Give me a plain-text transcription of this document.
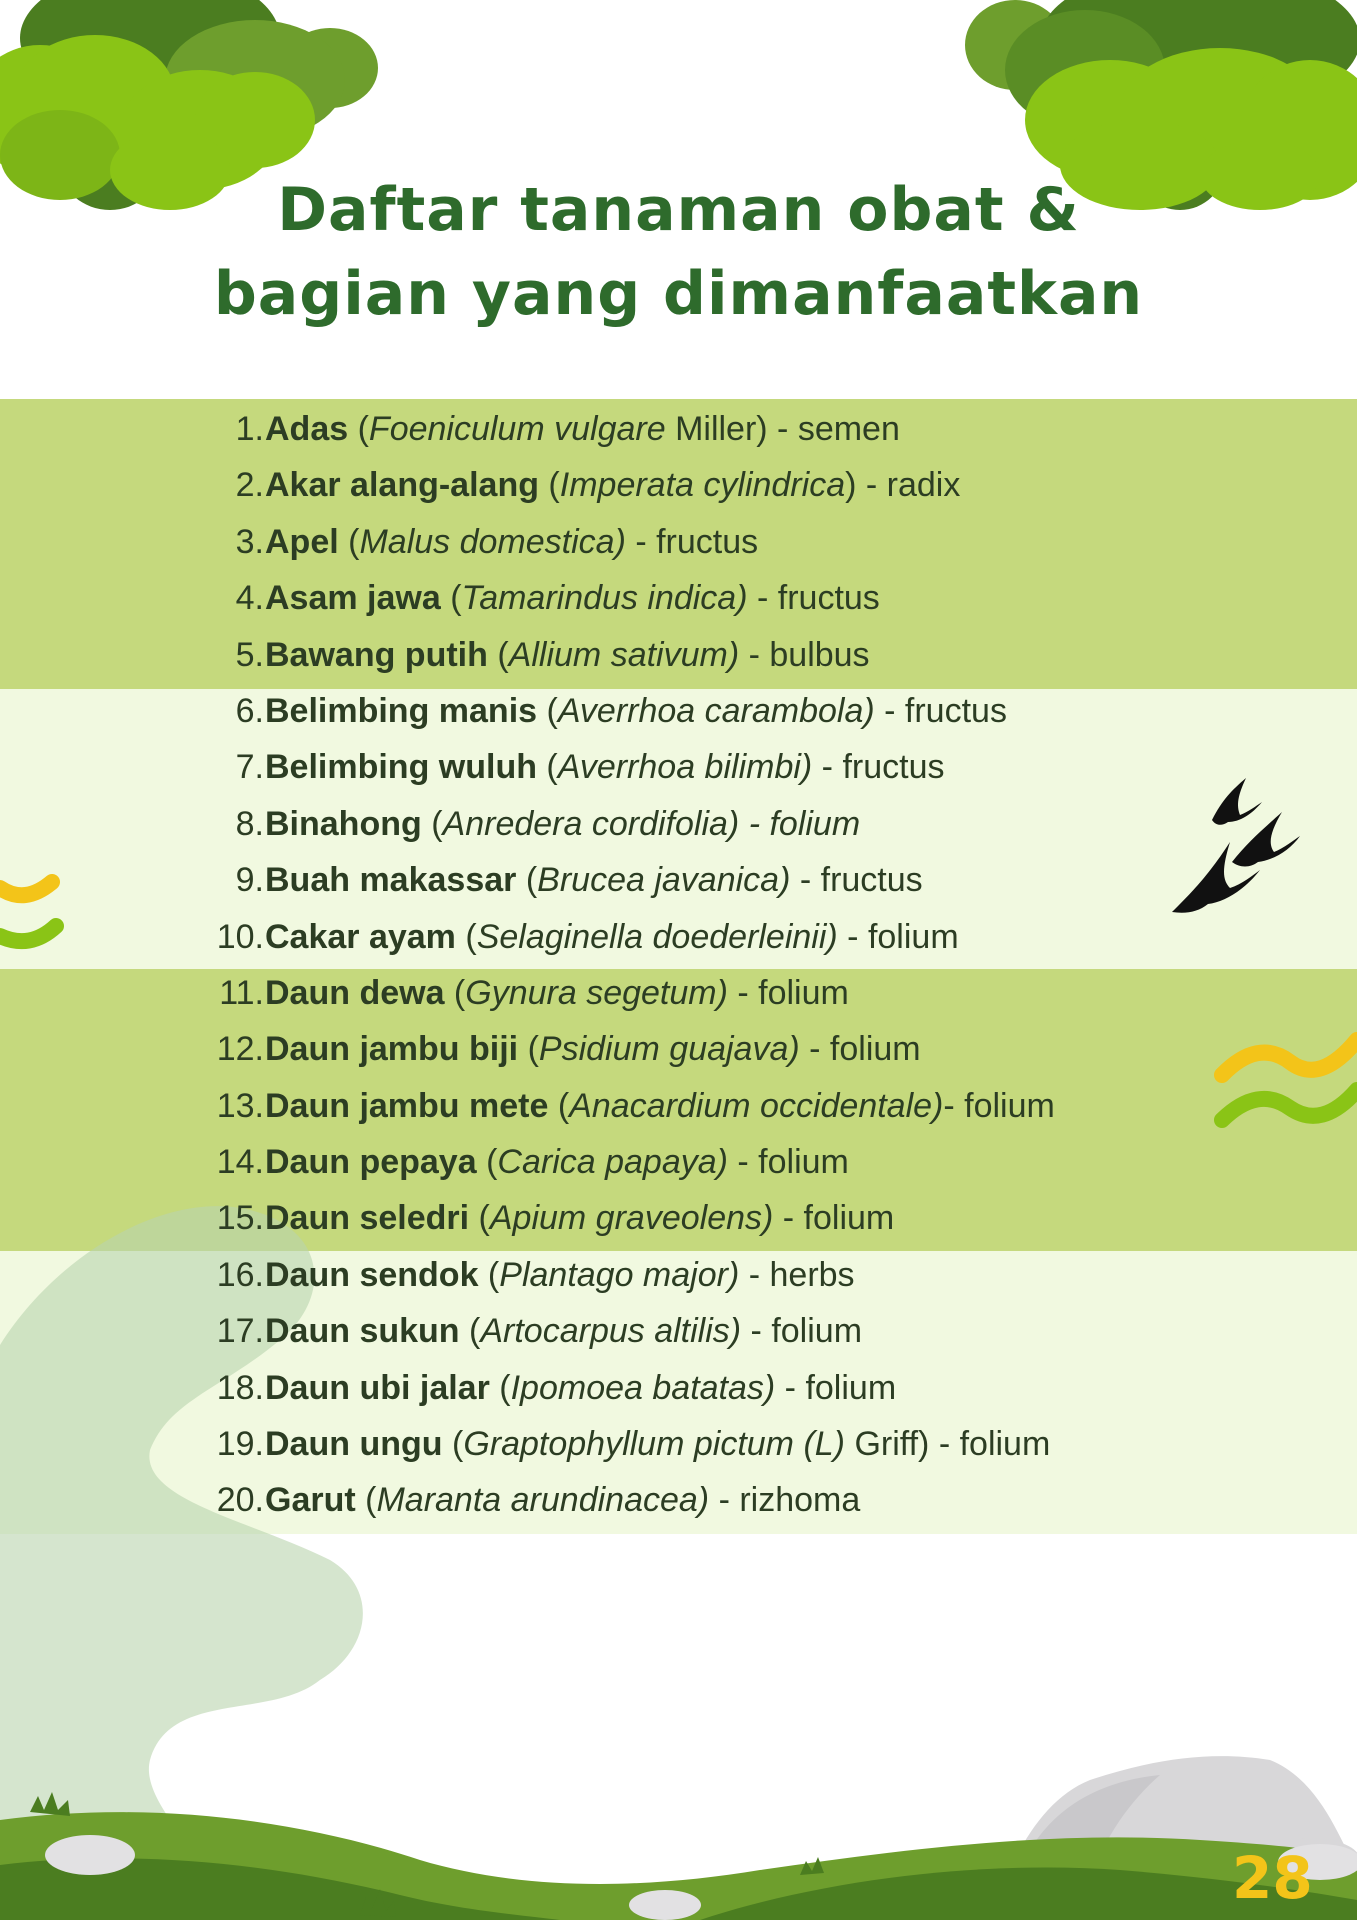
Daftar tanaman obat &
bagian yang dimanfaatkan
1. Adas (Foeniculum vulgare Miller) - semen
2. Akar alang-alang (Imperata cylindrica) - radix
3. Apel (Malus domestica) - fructus
4. Asam jawa (Tamarindus indica) - fructus
5. Bawang putih (Allium sativum) - bulbus
6. Belimbing manis (Averrhoa carambola) - fructus
7. Belimbing wuluh (Averrhoa bilimbi) - fructus
8. Binahong (Anredera cordifolia) - folium
9. Buah makassar (Brucea javanica) - fructus
10. Cakar ayam (Selaginella doederleinii) - folium
11. Daun dewa (Gynura segetum) - folium
12. Daun jambu biji (Psidium guajava) - folium
13. Daun jambu mete (Anacardium occidentale)- folium
14. Daun pepaya (Carica papaya) - folium
15. Daun seledri (Apium graveolens) - folium
16. Daun sendok (Plantago major) - herbs
17. Daun sukun (Artocarpus altilis) - folium
18. Daun ubi jalar (Ipomoea batatas) - folium
19. Daun ungu (Graptophyllum pictum (L) Griff) - folium
20. Garut (Maranta arundinacea) - rizhoma
28
